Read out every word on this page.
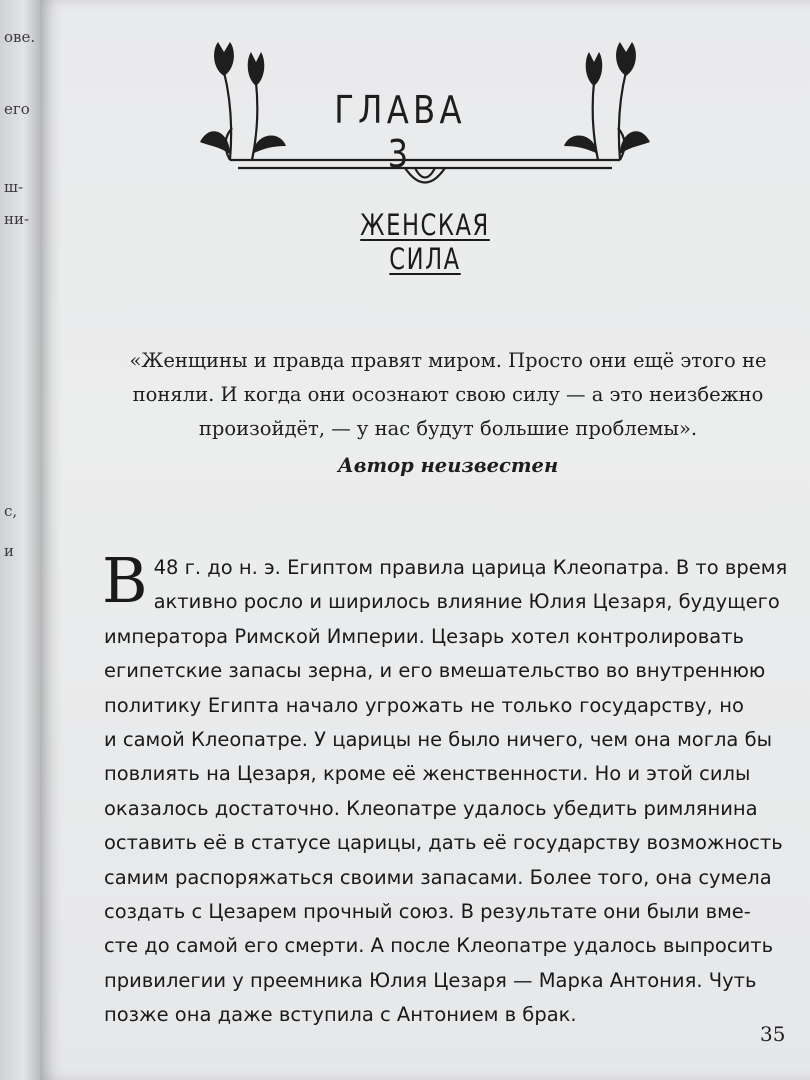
ове.
его
ш-
ни-
с,
и
ГЛАВА 3
ЖЕНСКАЯ СИЛА
«Женщины и правда правят миром. Просто они ещё этого не
поняли. И когда они осознают свою силу — а это неизбежно
произойдёт, — у нас будут большие проблемы».
Автор неизвестен
В 48 г. до н. э. Египтом правила царица Клеопатра. В то время
активно росло и ширилось влияние Юлия Цезаря, будущего
императора Римской Империи. Цезарь хотел контролировать
египетские запасы зерна, и его вмешательство во внутреннюю
политику Египта начало угрожать не только государству, но
и самой Клеопатре. У царицы не было ничего, чем она могла бы
повлиять на Цезаря, кроме её женственности. Но и этой силы
оказалось достаточно. Клеопатре удалось убедить римлянина
оставить её в статусе царицы, дать её государству возможность
самим распоряжаться своими запасами. Более того, она сумела
создать с Цезарем прочный союз. В результате они были вме-
сте до самой его смерти. А после Клеопатре удалось выпросить
привилегии у преемника Юлия Цезаря — Марка Антония. Чуть
позже она даже вступила с Антонием в брак.
35
